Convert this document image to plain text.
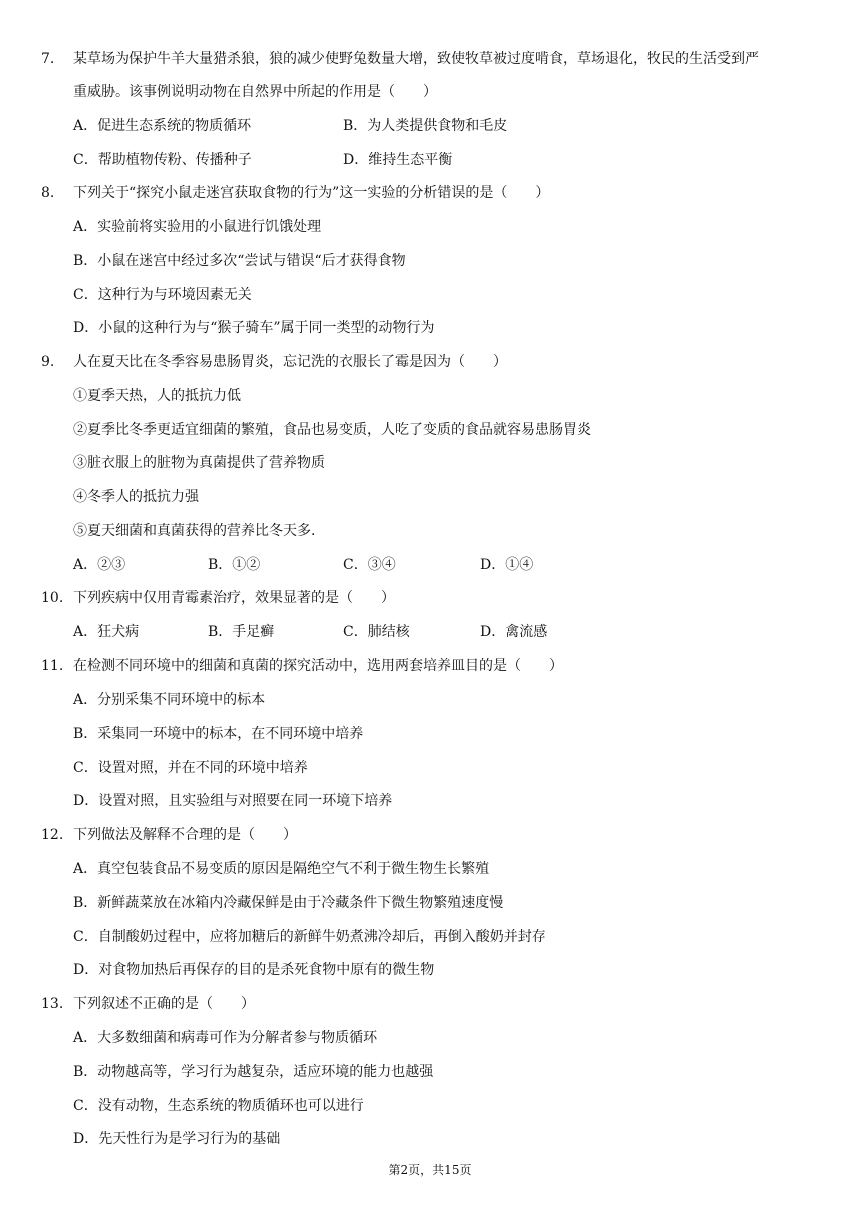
7. 某草场为保护牛羊大量猎杀狼，狼的减少使野兔数量大增，致使牧草被过度啃食，草场退化，牧民的生活受到严
重威胁。该事例说明动物在自然界中所起的作用是（　　）
A．促进生态系统的物质循环	B．为人类提供食物和毛皮
C．帮助植物传粉、传播种子	D．维持生态平衡
8. 下列关于“探究小鼠走迷宫获取食物的行为”这一实验的分析错误的是（　　）
A．实验前将实验用的小鼠进行饥饿处理
B．小鼠在迷宫中经过多次“尝试与错误“后才获得食物
C．这种行为与环境因素无关
D．小鼠的这种行为与“猴子骑车”属于同一类型的动物行为
9. 人在夏天比在冬季容易患肠胃炎，忘记洗的衣服长了霉是因为（　　）
①夏季天热，人的抵抗力低
②夏季比冬季更适宜细菌的繁殖，食品也易变质，人吃了变质的食品就容易患肠胃炎
③脏衣服上的脏物为真菌提供了营养物质
④冬季人的抵抗力强
⑤夏天细菌和真菌获得的营养比冬天多.
A．②③	B．①②	C．③④	D．①④
10. 下列疾病中仅用青霉素治疗，效果显著的是（　　）
A．狂犬病	B．手足癣	C．肺结核	D．禽流感
11. 在检测不同环境中的细菌和真菌的探究活动中，选用两套培养皿目的是（　　）
A．分别采集不同环境中的标本
B．采集同一环境中的标本，在不同环境中培养
C．设置对照，并在不同的环境中培养
D．设置对照，且实验组与对照要在同一环境下培养
12. 下列做法及解释不合理的是（　　）
A．真空包装食品不易变质的原因是隔绝空气不利于微生物生长繁殖
B．新鲜蔬菜放在冰箱内冷藏保鲜是由于冷藏条件下微生物繁殖速度慢
C．自制酸奶过程中，应将加糖后的新鲜牛奶煮沸冷却后，再倒入酸奶并封存
D．对食物加热后再保存的目的是杀死食物中原有的微生物
13. 下列叙述不正确的是（　　）
A．大多数细菌和病毒可作为分解者参与物质循环
B．动物越高等，学习行为越复杂，适应环境的能力也越强
C．没有动物，生态系统的物质循环也可以进行
D．先天性行为是学习行为的基础
第2页，共15页
